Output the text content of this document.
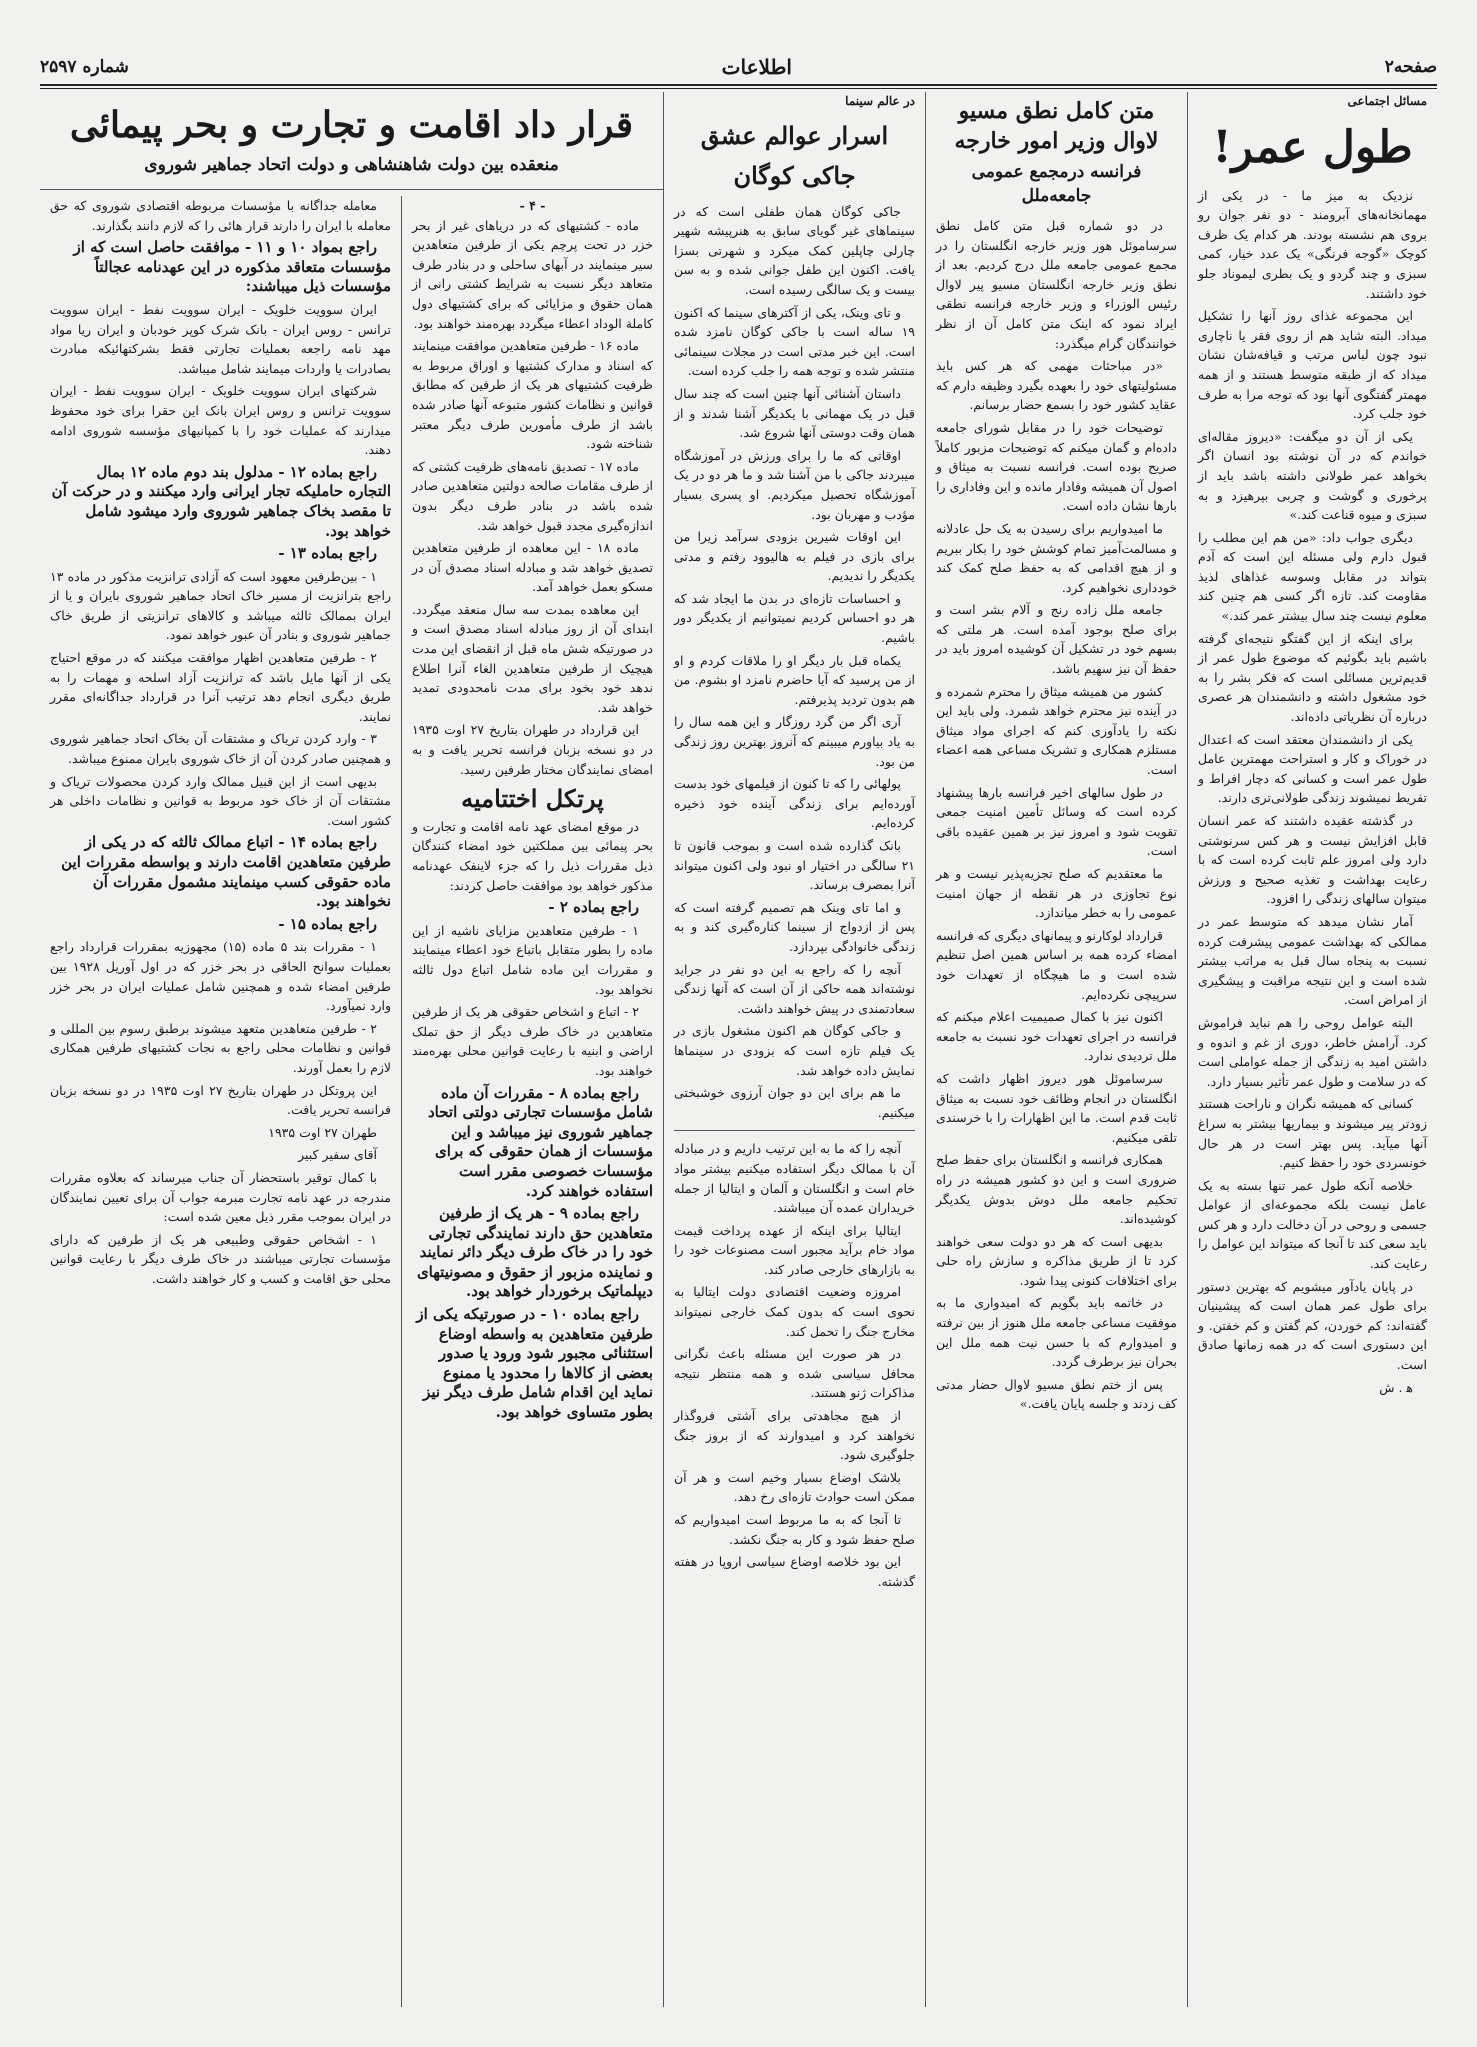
صفحه۲
اطلاعات
شماره ۲۵۹۷
مسائل اجتماعی
طول عمر!

نزدیک به میز ما - در یکی از مهمانخانه‌های آبرومند - دو نفر جوان رو بروی هم نشسته بودند. هر کدام یک ظرف کوچک «گوجه فرنگی» یک عدد خیار، کمی سبزی و چند گردو و یک بطری لیموناد جلو خود داشتند.

این مجموعه غذای روز آنها را تشکیل میداد. البته شاید هم از روی فقر یا ناچاری نبود چون لباس مرتب و قیافه‌شان نشان میداد که از طبقه متوسط هستند و از همه مهمتر گفتگوی آنها بود که توجه مرا به طرف خود جلب کرد.

یکی از آن دو میگفت: «دیروز مقاله‌ای خواندم که در آن نوشته بود انسان اگر بخواهد عمر طولانی داشته باشد باید از پرخوری و گوشت و چربی بپرهیزد و به سبزی و میوه قناعت کند.»

دیگری جواب داد: «من هم این مطلب را قبول دارم ولی مسئله این است که آدم بتواند در مقابل وسوسه غذاهای لذیذ مقاومت کند. تازه اگر کسی هم چنین کند معلوم نیست چند سال بیشتر عمر کند.»

برای اینکه از این گفتگو نتیجه‌ای گرفته باشیم باید بگوئیم که موضوع طول عمر از قدیم‌ترین مسائلی است که فکر بشر را به خود مشغول داشته و دانشمندان هر عصری درباره آن نظریاتی داده‌اند.

یکی از دانشمندان معتقد است که اعتدال در خوراک و کار و استراحت مهمترین عامل طول عمر است و کسانی که دچار افراط و تفریط نمیشوند زندگی طولانی‌تری دارند.

در گذشته عقیده داشتند که عمر انسان قابل افزایش نیست و هر کس سرنوشتی دارد ولی امروز علم ثابت کرده است که با رعایت بهداشت و تغذیه صحیح و ورزش میتوان سالهای زندگی را افزود.

آمار نشان میدهد که متوسط عمر در ممالکی که بهداشت عمومی پیشرفت کرده نسبت به پنجاه سال قبل به مراتب بیشتر شده است و این نتیجه مراقبت و پیشگیری از امراض است.

البته عوامل روحی را هم نباید فراموش کرد. آرامش خاطر، دوری از غم و اندوه و داشتن امید به زندگی از جمله عواملی است که در سلامت و طول عمر تأثیر بسیار دارد.

کسانی که همیشه نگران و ناراحت هستند زودتر پیر میشوند و بیماریها بیشتر به سراغ آنها میآید. پس بهتر است در هر حال خونسردی خود را حفظ کنیم.

خلاصه آنکه طول عمر تنها بسته به یک عامل نیست بلکه مجموعه‌ای از عوامل جسمی و روحی در آن دخالت دارد و هر کس باید سعی کند تا آنجا که میتواند این عوامل را رعایت کند.

در پایان یادآور میشویم که بهترین دستور برای طول عمر همان است که پیشینیان گفته‌اند: کم خوردن، کم گفتن و کم خفتن. و این دستوری است که در همه زمانها صادق است.

ه‍ . ش

متن کامل نطق مسیو لاوال وزیر امور خارجه
فرانسه درمجمع عمومی جامعه‌ملل

در دو شماره قبل متن کامل نطق سرساموئل هور وزیر خارجه انگلستان را در مجمع عمومی جامعه ملل درج کردیم. بعد از نطق وزیر خارجه انگلستان مسیو پیر لاوال رئیس الوزراء و وزیر خارجه فرانسه نطقی ایراد نمود که اینک متن کامل آن از نظر خوانندگان گرام میگذرد:

«در مباحثات مهمی که هر کس باید مسئولیتهای خود را بعهده بگیرد وظیفه دارم که عقاید کشور خود را بسمع حضار برسانم.

توضیحات خود را در مقابل شورای جامعه داده‌ام و گمان میکنم که توضیحات مزبور کاملاً صریح بوده است. فرانسه نسبت به میثاق و اصول آن همیشه وفادار مانده و این وفاداری را بارها نشان داده است.

ما امیدواریم برای رسیدن به یک حل عادلانه و مسالمت‌آمیز تمام کوشش خود را بکار ببریم و از هیچ اقدامی که به حفظ صلح کمک کند خودداری نخواهیم کرد.

جامعه ملل زاده رنج و آلام بشر است و برای صلح بوجود آمده است. هر ملتی که بسهم خود در تشکیل آن کوشیده امروز باید در حفظ آن نیز سهیم باشد.

کشور من همیشه میثاق را محترم شمرده و در آینده نیز محترم خواهد شمرد. ولی باید این نکته را یادآوری کنم که اجرای مواد میثاق مستلزم همکاری و تشریک مساعی همه اعضاء است.

در طول سالهای اخیر فرانسه بارها پیشنهاد کرده است که وسائل تأمین امنیت جمعی تقویت شود و امروز نیز بر همین عقیده باقی است.

ما معتقدیم که صلح تجزیه‌پذیر نیست و هر نوع تجاوزی در هر نقطه از جهان امنیت عمومی را به خطر میاندازد.

قرارداد لوکارنو و پیمانهای دیگری که فرانسه امضاء کرده همه بر اساس همین اصل تنظیم شده است و ما هیچگاه از تعهدات خود سرپیچی نکرده‌ایم.

اکنون نیز با کمال صمیمیت اعلام میکنم که فرانسه در اجرای تعهدات خود نسبت به جامعه ملل تردیدی ندارد.

سرساموئل هور دیروز اظهار داشت که انگلستان در انجام وظائف خود نسبت به میثاق ثابت قدم است. ما این اظهارات را با خرسندی تلقی میکنیم.

همکاری فرانسه و انگلستان برای حفظ صلح ضروری است و این دو کشور همیشه در راه تحکیم جامعه ملل دوش بدوش یکدیگر کوشیده‌اند.

بدیهی است که هر دو دولت سعی خواهند کرد تا از طریق مذاکره و سازش راه حلی برای اختلافات کنونی پیدا شود.

در خاتمه باید بگویم که امیدواری ما به موفقیت مساعی جامعه ملل هنوز از بین نرفته و امیدوارم که با حسن نیت همه ملل این بحران نیز برطرف گردد.

پس از ختم نطق مسیو لاوال حضار مدتی کف زدند و جلسه پایان یافت.»

در عالم سینما
اسرار عوالم عشق جاکی کوگان

جاکی کوگان همان طفلی است که در سینماهای غیر گویای سابق به هنرپیشه شهیر چارلی چاپلین کمک میکرد و شهرتی بسزا یافت. اکنون این طفل جوانی شده و به سن بیست و یک سالگی رسیده است.

و تای وینک، یکی از آکترهای سینما که اکنون ۱۹ ساله است با جاکی کوگان نامزد شده است. این خبر مدتی است در مجلات سینمائی منتشر شده و توجه همه را جلب کرده است.

داستان آشنائی آنها چنین است که چند سال قبل در یک مهمانی با یکدیگر آشنا شدند و از همان وقت دوستی آنها شروع شد.

اوقاتی که ما را برای ورزش در آموزشگاه میبردند جاکی با من آشنا شد و ما هر دو در یک آموزشگاه تحصیل میکردیم. او پسری بسیار مؤدب و مهربان بود.

این اوقات شیرین بزودی سرآمد زیرا من برای بازی در فیلم به هالیوود رفتم و مدتی یکدیگر را ندیدیم.

و احساسات تازه‌ای در بدن ما ایجاد شد که هر دو احساس کردیم نمیتوانیم از یکدیگر دور باشیم.

یکماه قبل بار دیگر او را ملاقات کردم و او از من پرسید که آیا حاضرم نامزد او بشوم. من هم بدون تردید پذیرفتم.

آری اگر من گرد روزگار و این همه سال را به یاد بیاورم میبینم که آنروز بهترین روز زندگی من بود.

پولهائی را که تا کنون از فیلمهای خود بدست آورده‌ایم برای زندگی آینده خود ذخیره کرده‌ایم.

بانک گذارده شده است و بموجب قانون تا ۲۱ سالگی در اختیار او نبود ولی اکنون میتواند آنرا بمصرف برساند.

و اما تای وینک هم تصمیم گرفته است که پس از ازدواج از سینما کناره‌گیری کند و به زندگی خانوادگی بپردازد.

آنچه را که راجع به این دو نفر در جراید نوشته‌اند همه حاکی از آن است که آنها زندگی سعادتمندی در پیش خواهند داشت.

و جاکی کوگان هم اکنون مشغول بازی در یک فیلم تازه است که بزودی در سینماها نمایش داده خواهد شد.

ما هم برای این دو جوان آرزوی خوشبختی میکنیم.

آنچه را که ما به این ترتیب داریم و در مبادله آن با ممالک دیگر استفاده میکنیم بیشتر مواد خام است و انگلستان و آلمان و ایتالیا از جمله خریداران عمده آن میباشند.

ایتالیا برای اینکه از عهده پرداخت قیمت مواد خام برآید مجبور است مصنوعات خود را به بازارهای خارجی صادر کند.

امروزه وضعیت اقتصادی دولت ایتالیا به نحوی است که بدون کمک خارجی نمیتواند مخارج جنگ را تحمل کند.

در هر صورت این مسئله باعث نگرانی محافل سیاسی شده و همه منتظر نتیجه مذاکرات ژنو هستند.

از هیچ مجاهدتی برای آشتی فروگذار نخواهند کرد و امیدوارند که از بروز جنگ جلوگیری شود.

بلاشک اوضاع بسیار وخیم است و هر آن ممکن است حوادث تازه‌ای رخ دهد.

تا آنجا که به ما مربوط است امیدواریم که صلح حفظ شود و کار به جنگ نکشد.

این بود خلاصه اوضاع سیاسی اروپا در هفته گذشته.

قرار داد اقامت و تجارت و بحر پیمائی
منعقده بین دولت شاهنشاهی و دولت اتحاد جماهیر شوروی
- ۴ -

ماده - کشتیهای که در دریاهای غیر از بحر خزر در تحت پرچم یکی از طرفین متعاهدین سیر مینمایند در آبهای ساحلی و در بنادر طرف متعاهد دیگر نسبت به شرایط کشتی رانی از همان حقوق و مزایائی که برای کشتیهای دول کاملة الوداد اعطاء میگردد بهره‌مند خواهند بود.

ماده ۱۶ - طرفین متعاهدین موافقت مینمایند که اسناد و مدارک کشتیها و اوراق مربوط به ظرفیت کشتیهای هر یک از طرفین که مطابق قوانین و نظامات کشور متبوعه آنها صادر شده باشد از طرف مأمورین طرف دیگر معتبر شناخته شود.

ماده ۱۷ - تصدیق نامه‌های ظرفیت کشتی که از طرف مقامات صالحه دولتین متعاهدین صادر شده باشد در بنادر طرف دیگر بدون اندازه‌گیری مجدد قبول خواهد شد.

ماده ۱۸ - این معاهده از طرفین متعاهدین تصدیق خواهد شد و مبادله اسناد مصدق آن در مسکو بعمل خواهد آمد.

این معاهده بمدت سه سال منعقد میگردد. ابتدای آن از روز مبادله اسناد مصدق است و در صورتیکه شش ماه قبل از انقضای این مدت هیچیک از طرفین متعاهدین الغاء آنرا اطلاع ندهد خود بخود برای مدت نامحدودی تمدید خواهد شد.

این قرارداد در طهران بتاریخ ۲۷ اوت ۱۹۳۵ در دو نسخه بزبان فرانسه تحریر یافت و به امضای نمایندگان مختار طرفین رسید.

پرتکل اختتامیه

در موقع امضای عهد نامه اقامت و تجارت و بحر پیمائی بین مملکتین خود امضاء کنندگان ذیل مقررات ذیل را که جزء لاینفک عهدنامه مذکور خواهد بود موافقت حاصل کردند:

راجع بماده ۲ -

۱ - طرفین متعاهدین مزایای ناشیه از این ماده را بطور متقابل باتباع خود اعطاء مینمایند و مقررات این ماده شامل اتباع دول ثالثه نخواهد بود.

۲ - اتباع و اشخاص حقوقی هر یک از طرفین متعاهدین در خاک طرف دیگر از حق تملک اراضی و ابنیه با رعایت قوانین محلی بهره‌مند خواهند بود.

راجع بماده ۸ - مقررات آن ماده شامل مؤسسات تجارتی دولتی اتحاد جماهیر شوروی نیز میباشد و این مؤسسات از همان حقوقی که برای مؤسسات خصوصی مقرر است استفاده خواهند کرد.

راجع بماده ۹ - هر یک از طرفین متعاهدین حق دارند نمایندگی تجارتی خود را در خاک طرف دیگر دائر نمایند و نماینده مزبور از حقوق و مصونیتهای دیپلماتیک برخوردار خواهد بود.

راجع بماده ۱۰ - در صورتیکه یکی از طرفین متعاهدین به واسطه اوضاع استثنائی مجبور شود ورود یا صدور بعضی از کالاها را محدود یا ممنوع نماید این اقدام شامل طرف دیگر نیز بطور متساوی خواهد بود.

معامله جداگانه با مؤسسات مربوطه اقتصادی شوروی که حق معامله با ایران را دارند قرار هائی را که لازم دانند بگذارند.

راجع بمواد ۱۰ و ۱۱ - موافقت حاصل است که از مؤسسات متعاقد مذکوره در این عهدنامه عجالتاً مؤسسات ذیل میباشند:

ایران سوویت خلویک - ایران سوویت نفط - ایران سوویت ترانس - روس ایران - بانک شرک کوپر خودبان و ایران ریا مواد مهد نامه راجعه بعملیات تجارتی فقط بشرکتهائیکه مبادرت بصادرات یا واردات میمایند شامل میباشد.

شرکتهای ایران سوویت خلویک - ایران سوویت نفط - ایران سوویت ترانس و روس ایران بانک این حقرا برای خود محفوظ میدارند که عملیات خود را با کمپانیهای مؤسسه شوروی ادامه دهند.

راجع بماده ۱۲ - مدلول بند دوم ماده ۱۲ بمال التجاره حاملیکه تجار ایرانی وارد میکنند و در حرکت آن تا مقصد بخاک جماهیر شوروی وارد میشود شامل خواهد بود.

راجع بماده ۱۳ -

۱ - بین‌طرفین معهود است که آزادی ترانزیت مذکور در ماده ۱۳ راجع بترانزیت از مسیر خاک اتحاد جماهیر شوروی بایران و یا از ایران بممالک ثالثه میباشد و کالاهای ترانزیتی از طریق خاک جماهیر شوروی و بنادر آن عبور خواهد نمود.

۲ - طرفین متعاهدین اظهار موافقت میکنند که در موقع احتیاج یکی از آنها مایل باشد که ترانزیت آزاد اسلحه و مهمات را به طریق دیگری انجام دهد ترتیب آنرا در قرارداد جداگانه‌ای مقرر نمایند.

۳ - وارد کردن تریاک و مشتقات آن بخاک اتحاد جماهیر شوروی و همچنین صادر کردن آن از خاک شوروی بایران ممنوع میباشد.

بدیهی است از این قبیل ممالک وارد کردن محصولات تریاک و مشتقات آن از خاک خود مربوط به قوانین و نظامات داخلی هر کشور است.

راجع بماده ۱۴ - اتباع ممالک ثالثه که در یکی از طرفین متعاهدین اقامت دارند و بواسطه مقررات این ماده حقوقی کسب مینمایند مشمول مقررات آن نخواهند بود.

راجع بماده ۱۵ -

۱ - مقررات بند ۵ ماده (۱۵) مجهوزیه بمقررات قرارداد راجع بعملیات سوانح الحاقی در بحر خزر که در اول آوریل ۱۹۲۸ بین طرفین امضاء شده و همچنین شامل عملیات ایران در بحر خزر وارد نمیآورد.

۲ - طرفین متعاهدین متعهد میشوند برطبق رسوم بین المللی و قوانین و نظامات محلی راجع به نجات کشتیهای طرفین همکاری لازم را بعمل آورند.

این پروتکل در طهران بتاریخ ۲۷ اوت ۱۹۳۵ در دو نسخه بزبان فرانسه تحریر یافت.

طهران ۲۷ اوت ۱۹۳۵

آقای سفیر کبیر

با کمال توقیر باستحضار آن جناب میرساند که بعلاوه مقررات مندرجه در عهد نامه تجارت مبرمه جواب آن برای تعیین نمایندگان در ایران بموجب مقرر ذیل معین شده است:

۱ - اشخاص حقوقی وطبیعی هر یک از طرفین که دارای مؤسسات تجارتی میباشند در خاک طرف دیگر با رعایت قوانین محلی حق اقامت و کسب و کار خواهند داشت.
